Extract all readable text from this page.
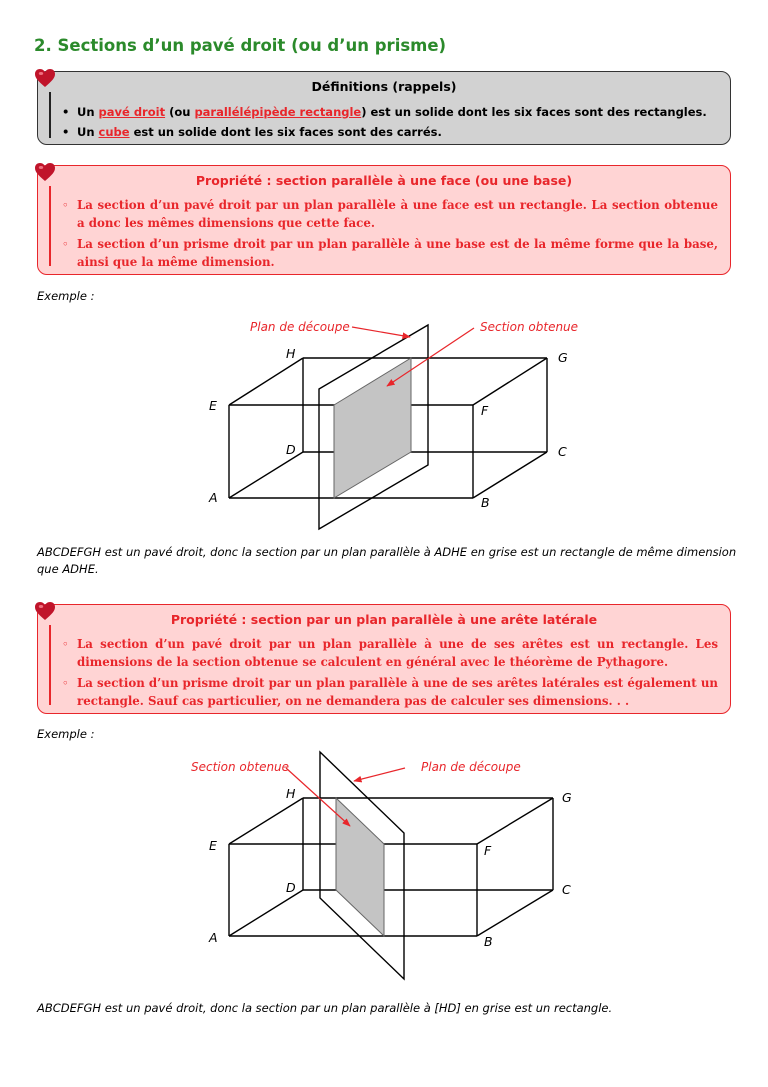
2. Sections d’un pavé droit (ou d’un prisme)
Définitions (rappels)
• Un pavé droit (ou parallélépipède rectangle) est un solide dont les six faces sont des rectangles.
• Un cube est un solide dont les six faces sont des carrés.
Propriété : section parallèle à une face (ou une base)
◦ La section d’un pavé droit par un plan parallèle à une face est un rectangle. La section obtenue a donc les mêmes dimensions que cette face.
◦ La section d’un prisme droit par un plan parallèle à une base est de la même forme que la base, ainsi que la même dimension.

Exemple :

Plan de découpe	Section obtenue
H	G
E	F
D	C
A	B

ABCDEFGH est un pavé droit, donc la section par un plan parallèle à ADHE en grise est un rectangle de même dimension que ADHE.

Propriété : section par un plan parallèle à une arête latérale
◦ La section d’un pavé droit par un plan parallèle à une de ses arêtes est un rectangle. Les dimensions de la section obtenue se calculent en général avec le théorème de Pythagore.
◦ La section d’un prisme droit par un plan parallèle à une de ses arêtes latérales est également un rectangle. Sauf cas particulier, on ne demandera pas de calculer ses dimensions. . .

Exemple :

Section obtenue	Plan de découpe
H	G
E	F
D	C
A	B

ABCDEFGH est un pavé droit, donc la section par un plan parallèle à [HD] en grise est un rectangle.
